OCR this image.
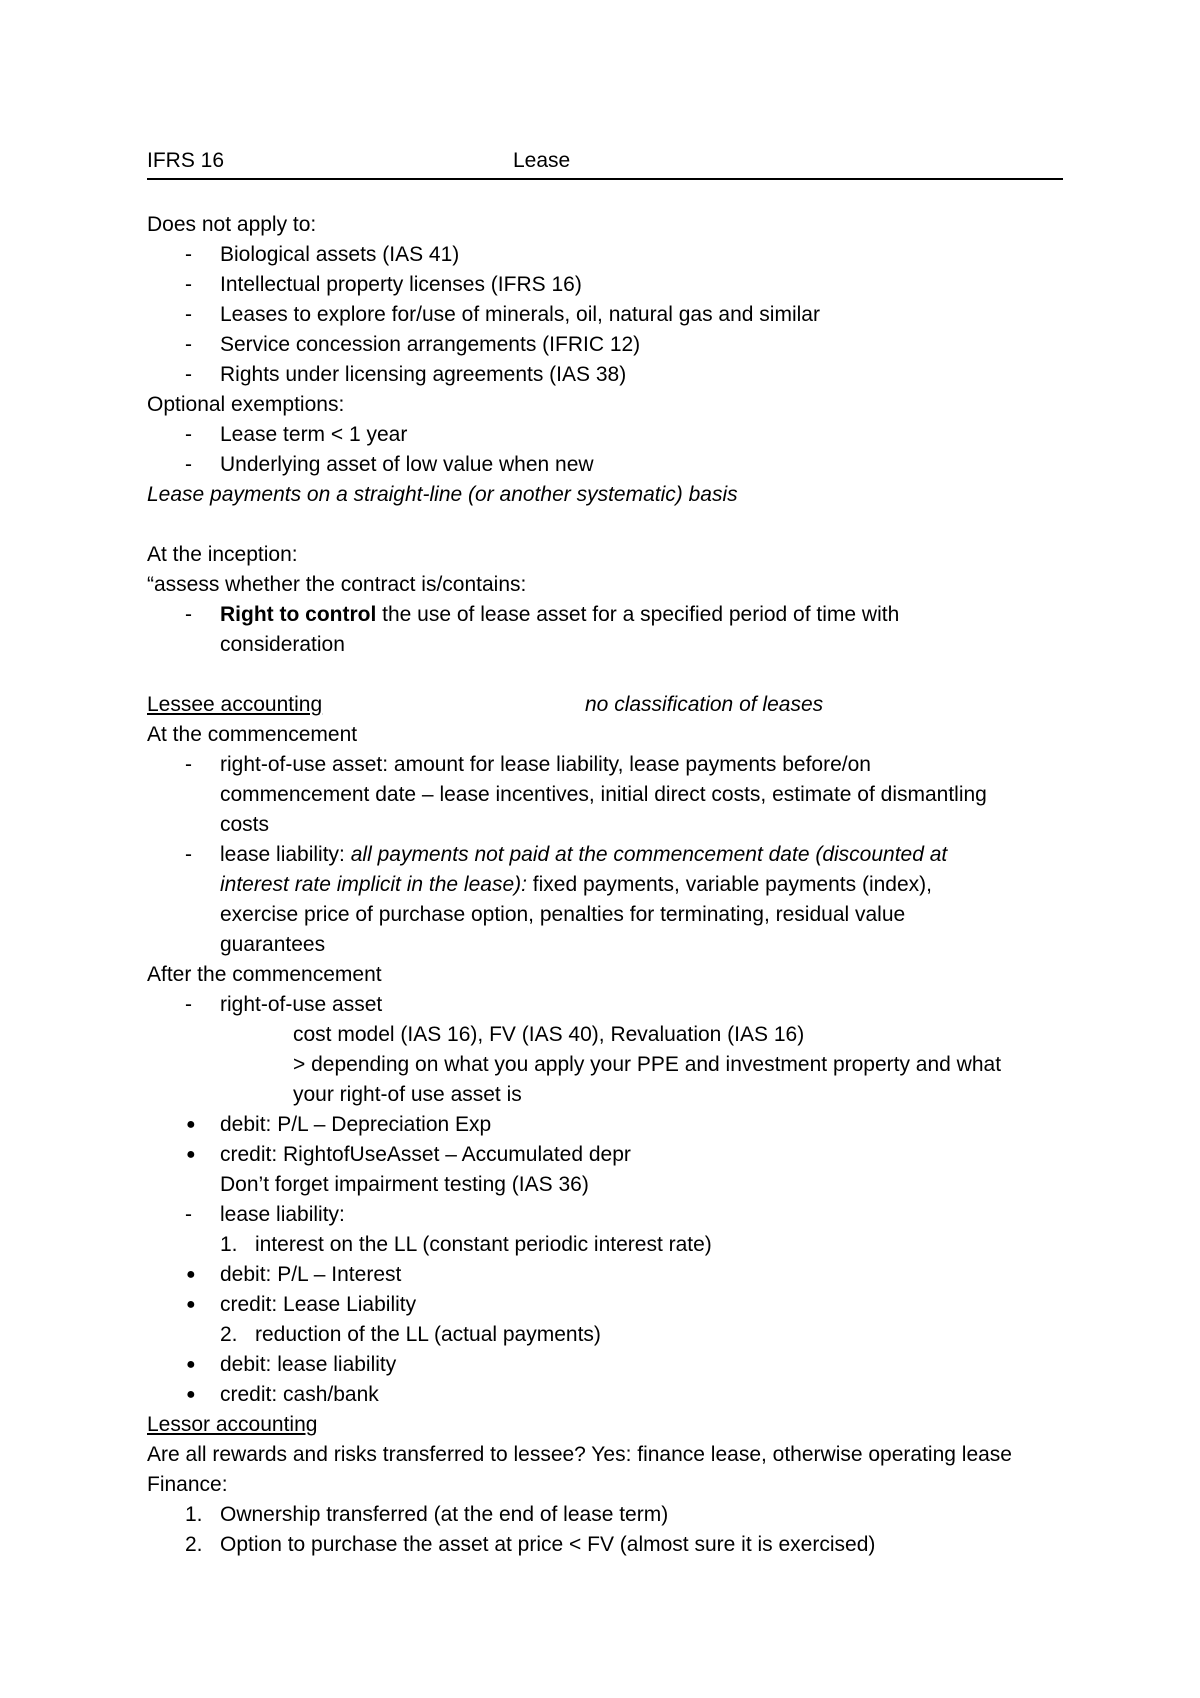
IFRS 16	Lease
Does not apply to:
- Biological assets (IAS 41)
- Intellectual property licenses (IFRS 16)
- Leases to explore for/use of minerals, oil, natural gas and similar
- Service concession arrangements (IFRIC 12)
- Rights under licensing agreements (IAS 38)
Optional exemptions:
- Lease term < 1 year
- Underlying asset of low value when new
Lease payments on a straight-line (or another systematic) basis
At the inception:
“assess whether the contract is/contains:
- Right to control the use of lease asset for a specified period of time with
consideration
Lessee accounting	no classification of leases
At the commencement
- right-of-use asset: amount for lease liability, lease payments before/on
commencement date – lease incentives, initial direct costs, estimate of dismantling
costs
- lease liability: all payments not paid at the commencement date (discounted at
interest rate implicit in the lease): fixed payments, variable payments (index),
exercise price of purchase option, penalties for terminating, residual value
guarantees
After the commencement
- right-of-use asset
cost model (IAS 16), FV (IAS 40), Revaluation (IAS 16)
> depending on what you apply your PPE and investment property and what
your right-of use asset is
● debit: P/L – Depreciation Exp
● credit: RightofUseAsset – Accumulated depr
Don’t forget impairment testing (IAS 36)
- lease liability:
1. interest on the LL (constant periodic interest rate)
● debit: P/L – Interest
● credit: Lease Liability
2. reduction of the LL (actual payments)
● debit: lease liability
● credit: cash/bank
Lessor accounting
Are all rewards and risks transferred to lessee? Yes: finance lease, otherwise operating lease
Finance:
1. Ownership transferred (at the end of lease term)
2. Option to purchase the asset at price < FV (almost sure it is exercised)
